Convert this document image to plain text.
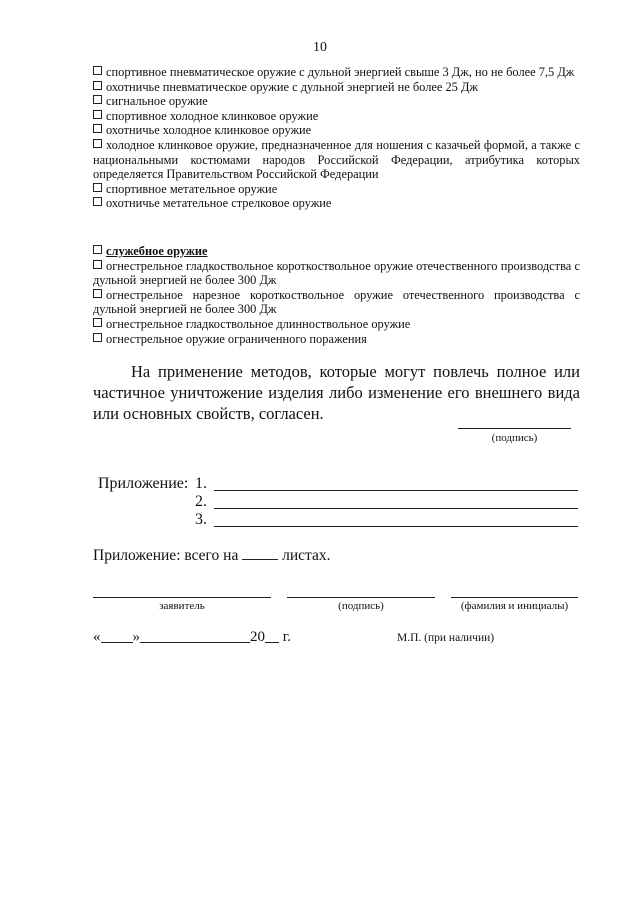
10
спортивное пневматическое оружие с дульной энергией свыше 3 Дж, но не более 7,5 Дж
охотничье пневматическое оружие с дульной энергией не более 25 Дж
сигнальное оружие
спортивное холодное клинковое оружие
охотничье холодное клинковое оружие
холодное клинковое оружие, предназначенное для ношения с казачьей формой, а также с национальными костюмами народов Российской Федерации, атрибутика которых определяется Правительством Российской Федерации
спортивное метательное оружие
охотничье метательное стрелковое оружие
служебное оружие
огнестрельное гладкоствольное короткоствольное оружие отечественного производства с дульной энергией не более 300 Дж
огнестрельное нарезное короткоствольное оружие отечественного производства с дульной энергией не более 300 Дж
огнестрельное гладкоствольное длинноствольное оружие
огнестрельное оружие ограниченного поражения
На применение методов, которые могут повлечь полное или частичное уничтожение изделия либо изменение его внешнего вида или основных свойств, согласен.
(подпись)
Приложение: 1.
2.
3.
Приложение: всего на	листах.
заявитель	(подпись)	(фамилия и инициалы)
« »	20 г.	М.П. (при наличии)
